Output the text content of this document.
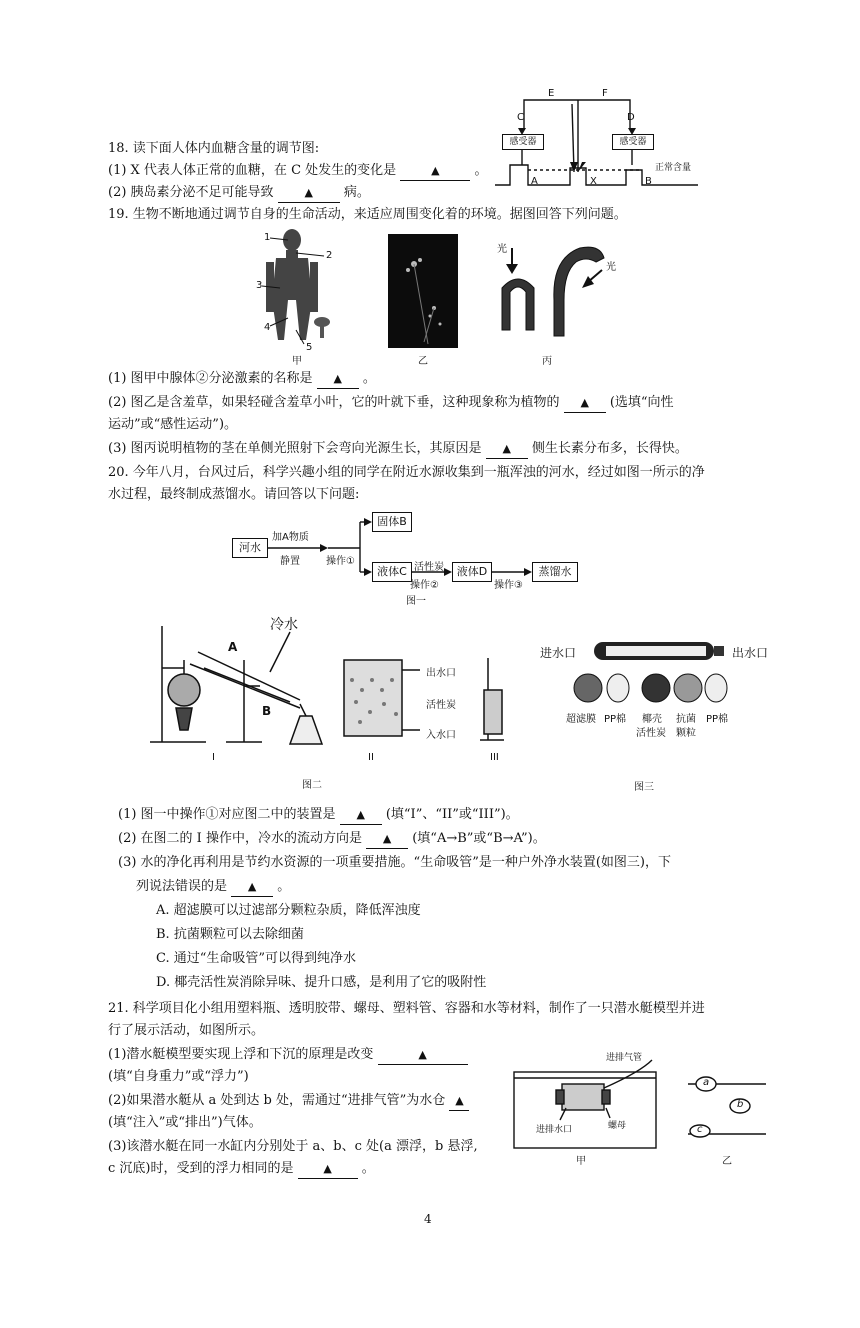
18. 读下面人体内血糖含量的调节图:
(1) X 代表人体正常的血糖，在 C 处发生的变化是	▲	。
(2) 胰岛素分泌不足可能导致	▲ 病。
E	F
C	D
感受器	感受器
A	X	B
正常含量
19. 生物不断地通过调节自身的生命活动，来适应周围变化着的环境。据图回答下列问题。
1
2
3
4
5
甲	乙
光
光
丙
(1) 图甲中腺体②分泌激素的名称是 ▲ 。
(2) 图乙是含羞草，如果轻碰含羞草小叶，它的叶就下垂，这种现象称为植物的 ▲ (选填“向性
运动”或“感性运动”)。
(3) 图丙说明植物的茎在单侧光照射下会弯向光源生长，其原因是 ▲ 侧生长素分布多，长得快。
20. 今年八月，台风过后，科学兴趣小组的同学在附近水源收集到一瓶浑浊的河水，经过如图一所示的净
水过程，最终制成蒸馏水。请回答以下问题:
河水
加A物质
静置	操作①
固体B
液体C 活性炭
操作②
液体D
操作③
蒸馏水
图一
冷水
A
B
出水口
活性炭
入水口
I	II	III
图二
进水口	出水口
超滤膜 PP棉 椰壳
活性炭
抗菌
颗粒
PP棉
图三
(1) 图一中操作①对应图二中的装置是 ▲ (填“I”、“II”或“III”)。
(2) 在图二的 I 操作中，冷水的流动方向是 ▲ (填“A→B”或“B→A”)。
(3) 水的净化再利用是节约水资源的一项重要措施。“生命吸管”是一种户外净水装置(如图三)，下
列说法错误的是 ▲ 。
A. 超滤膜可以过滤部分颗粒杂质，降低浑浊度
B. 抗菌颗粒可以去除细菌
C. 通过“生命吸管”可以得到纯净水
D. 椰壳活性炭消除异味、提升口感，是利用了它的吸附性
21. 科学项目化小组用塑料瓶、透明胶带、螺母、塑料管、容器和水等材料，制作了一只潜水艇模型并进
行了展示活动，如图所示。
(1)潜水艇模型要实现上浮和下沉的原理是改变	▲
(填“自身重力”或“浮力”)
(2)如果潜水艇从 a 处到达 b 处，需通过“进排气管”为水仓 ▲
(填“注入”或“排出”)气体。
(3)该潜水艇在同一水缸内分别处于 a、b、c 处(a 漂浮，b 悬浮,
c 沉底)时，受到的浮力相同的是	▲ 。
进排气管
进排水口	螺母
甲	乙
a
b
c
4
